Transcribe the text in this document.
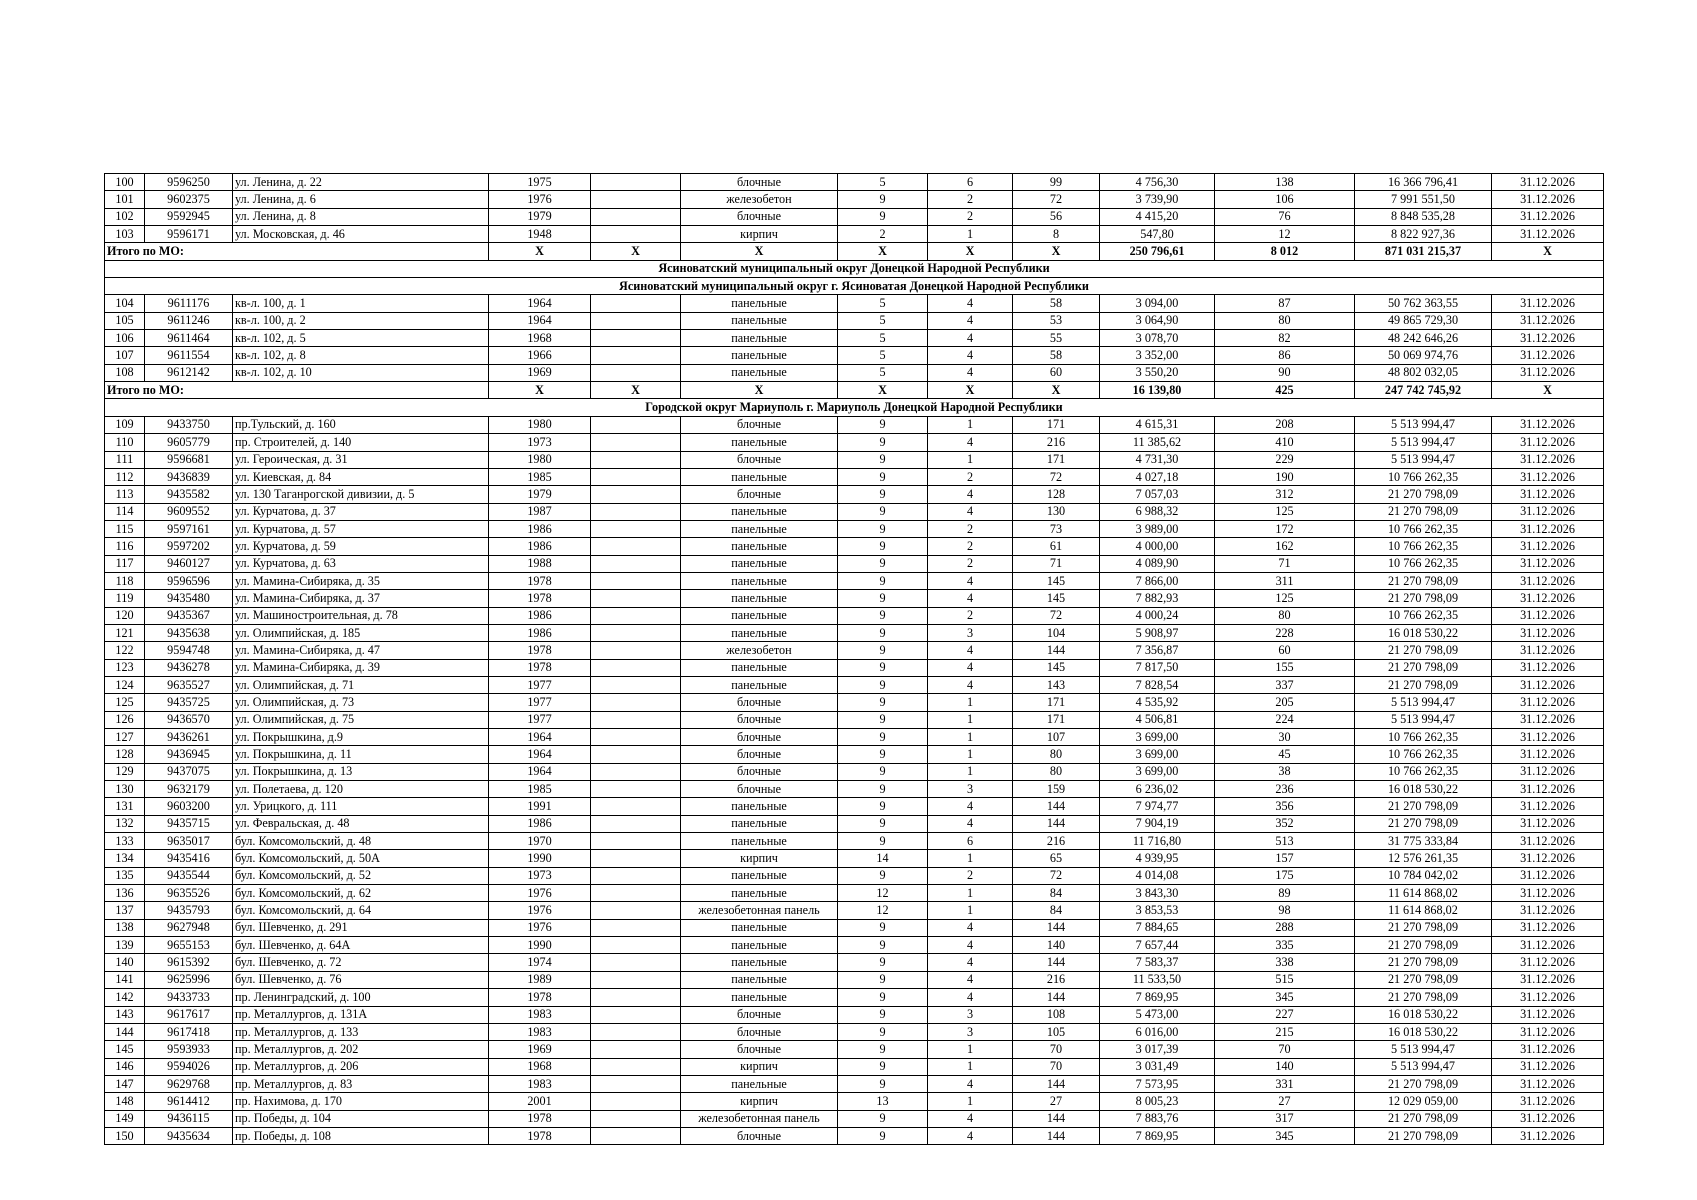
100	9596250	ул. Ленина, д. 22	1975		блочные	5	6	99	4 756,30	138	16 366 796,41	31.12.2026
101	9602375	ул. Ленина, д. 6	1976		железобетон	9	2	72	3 739,90	106	7 991 551,50	31.12.2026
102	9592945	ул. Ленина, д. 8	1979		блочные	9	2	56	4 415,20	76	8 848 535,28	31.12.2026
103	9596171	ул. Московская, д. 46	1948		кирпич	2	1	8	547,80	12	8 822 927,36	31.12.2026
Итого по МО:			X	X	X	X	X	X	250 796,61	8 012	871 031 215,37	X
Ясиноватский муниципальный округ Донецкой Народной Республики												
Ясиноватский муниципальный округ г. Ясиноватая Донецкой Народной Республики												
104	9611176	кв-л. 100, д. 1	1964		панельные	5	4	58	3 094,00	87	50 762 363,55	31.12.2026
105	9611246	кв-л. 100, д. 2	1964		панельные	5	4	53	3 064,90	80	49 865 729,30	31.12.2026
106	9611464	кв-л. 102, д. 5	1968		панельные	5	4	55	3 078,70	82	48 242 646,26	31.12.2026
107	9611554	кв-л. 102, д. 8	1966		панельные	5	4	58	3 352,00	86	50 069 974,76	31.12.2026
108	9612142	кв-л. 102, д. 10	1969		панельные	5	4	60	3 550,20	90	48 802 032,05	31.12.2026
Итого по МО:			X	X	X	X	X	X	16 139,80	425	247 742 745,92	X
Городской округ Мариуполь г. Мариуполь Донецкой Народной Республики												
109	9433750	пр.Тульский, д. 160	1980		блочные	9	1	171	4 615,31	208	5 513 994,47	31.12.2026
110	9605779	пр. Строителей, д. 140	1973		панельные	9	4	216	11 385,62	410	5 513 994,47	31.12.2026
111	9596681	ул. Героическая, д. 31	1980		блочные	9	1	171	4 731,30	229	5 513 994,47	31.12.2026
112	9436839	ул. Киевская, д. 84	1985		панельные	9	2	72	4 027,18	190	10 766 262,35	31.12.2026
113	9435582	ул. 130 Таганрогской дивизии, д. 5	1979		блочные	9	4	128	7 057,03	312	21 270 798,09	31.12.2026
114	9609552	ул. Курчатова, д. 37	1987		панельные	9	4	130	6 988,32	125	21 270 798,09	31.12.2026
115	9597161	ул. Курчатова, д. 57	1986		панельные	9	2	73	3 989,00	172	10 766 262,35	31.12.2026
116	9597202	ул. Курчатова, д. 59	1986		панельные	9	2	61	4 000,00	162	10 766 262,35	31.12.2026
117	9460127	ул. Курчатова, д. 63	1988		панельные	9	2	71	4 089,90	71	10 766 262,35	31.12.2026
118	9596596	ул. Мамина-Сибиряка, д. 35	1978		панельные	9	4	145	7 866,00	311	21 270 798,09	31.12.2026
119	9435480	ул. Мамина-Сибиряка, д. 37	1978		панельные	9	4	145	7 882,93	125	21 270 798,09	31.12.2026
120	9435367	ул. Машиностроительная, д. 78	1986		панельные	9	2	72	4 000,24	80	10 766 262,35	31.12.2026
121	9435638	ул. Олимпийская, д. 185	1986		панельные	9	3	104	5 908,97	228	16 018 530,22	31.12.2026
122	9594748	ул. Мамина-Сибиряка, д. 47	1978		железобетон	9	4	144	7 356,87	60	21 270 798,09	31.12.2026
123	9436278	ул. Мамина-Сибиряка, д. 39	1978		панельные	9	4	145	7 817,50	155	21 270 798,09	31.12.2026
124	9635527	ул. Олимпийская, д. 71	1977		панельные	9	4	143	7 828,54	337	21 270 798,09	31.12.2026
125	9435725	ул. Олимпийская, д. 73	1977		блочные	9	1	171	4 535,92	205	5 513 994,47	31.12.2026
126	9436570	ул. Олимпийская, д. 75	1977		блочные	9	1	171	4 506,81	224	5 513 994,47	31.12.2026
127	9436261	ул. Покрышкина, д.9	1964		блочные	9	1	107	3 699,00	30	10 766 262,35	31.12.2026
128	9436945	ул. Покрышкина, д. 11	1964		блочные	9	1	80	3 699,00	45	10 766 262,35	31.12.2026
129	9437075	ул. Покрышкина, д. 13	1964		блочные	9	1	80	3 699,00	38	10 766 262,35	31.12.2026
130	9632179	ул. Полетаева, д. 120	1985		блочные	9	3	159	6 236,02	236	16 018 530,22	31.12.2026
131	9603200	ул. Урицкого, д. 111	1991		панельные	9	4	144	7 974,77	356	21 270 798,09	31.12.2026
132	9435715	ул. Февральская, д. 48	1986		панельные	9	4	144	7 904,19	352	21 270 798,09	31.12.2026
133	9635017	бул. Комсомольский, д. 48	1970		панельные	9	6	216	11 716,80	513	31 775 333,84	31.12.2026
134	9435416	бул. Комсомольский, д. 50А	1990		кирпич	14	1	65	4 939,95	157	12 576 261,35	31.12.2026
135	9435544	бул. Комсомольский, д. 52	1973		панельные	9	2	72	4 014,08	175	10 784 042,02	31.12.2026
136	9635526	бул. Комсомольский, д. 62	1976		панельные	12	1	84	3 843,30	89	11 614 868,02	31.12.2026
137	9435793	бул. Комсомольский, д. 64	1976		железобетонная панель	12	1	84	3 853,53	98	11 614 868,02	31.12.2026
138	9627948	бул. Шевченко, д. 291	1976		панельные	9	4	144	7 884,65	288	21 270 798,09	31.12.2026
139	9655153	бул. Шевченко, д. 64А	1990		панельные	9	4	140	7 657,44	335	21 270 798,09	31.12.2026
140	9615392	бул. Шевченко, д. 72	1974		панельные	9	4	144	7 583,37	338	21 270 798,09	31.12.2026
141	9625996	бул. Шевченко, д. 76	1989		панельные	9	4	216	11 533,50	515	21 270 798,09	31.12.2026
142	9433733	пр. Ленинградский, д. 100	1978		панельные	9	4	144	7 869,95	345	21 270 798,09	31.12.2026
143	9617617	пр. Металлургов, д. 131А	1983		блочные	9	3	108	5 473,00	227	16 018 530,22	31.12.2026
144	9617418	пр. Металлургов, д. 133	1983		блочные	9	3	105	6 016,00	215	16 018 530,22	31.12.2026
145	9593933	пр. Металлургов, д. 202	1969		блочные	9	1	70	3 017,39	70	5 513 994,47	31.12.2026
146	9594026	пр. Металлургов, д. 206	1968		кирпич	9	1	70	3 031,49	140	5 513 994,47	31.12.2026
147	9629768	пр. Металлургов, д. 83	1983		панельные	9	4	144	7 573,95	331	21 270 798,09	31.12.2026
148	9614412	пр. Нахимова, д. 170	2001		кирпич	13	1	27	8 005,23	27	12 029 059,00	31.12.2026
149	9436115	пр. Победы, д. 104	1978		железобетонная панель	9	4	144	7 883,76	317	21 270 798,09	31.12.2026
150	9435634	пр. Победы, д. 108	1978		блочные	9	4	144	7 869,95	345	21 270 798,09	31.12.2026
